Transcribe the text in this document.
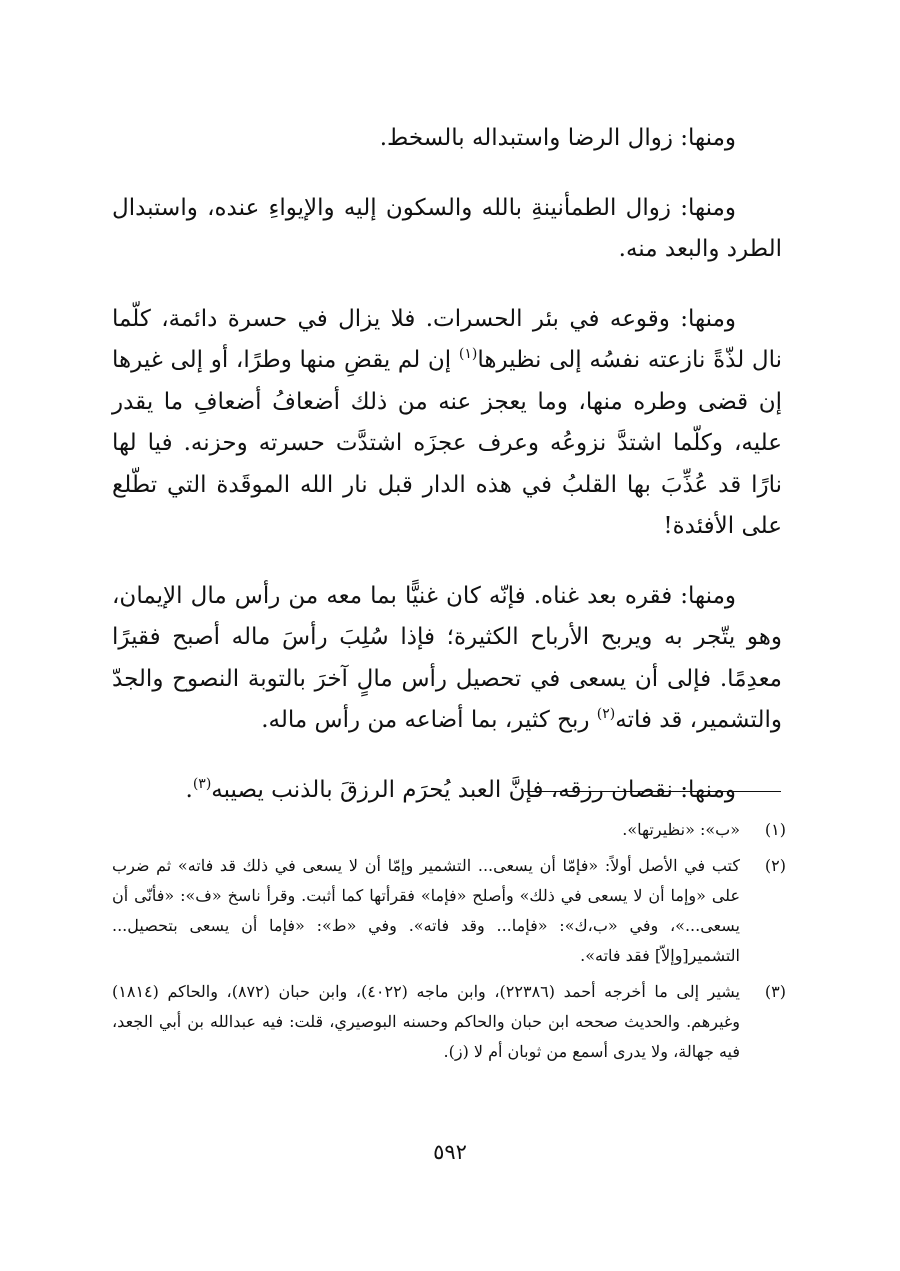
ومنها: زوال الرضا واستبداله بالسخط.

ومنها: زوال الطمأنينةِ بالله والسكون إليه والإيواءِ عنده، واستبدال الطرد والبعد منه.

ومنها: وقوعه في بئر الحسرات. فلا يزال في حسرة دائمة، كلّما نال لذّةً نازعته نفسُه إلى نظيرها$^{(١)}$ إن لم يقضِ منها وطرًا، أو إلى غيرها إن قضى وطره منها، وما يعجز عنه من ذلك أضعافُ أضعافِ ما يقدر عليه، وكلّما اشتدَّ نزوعُه وعرف عجزَه اشتدَّت حسرته وحزنه. فيا لها نارًا قد عُذِّبَ بها القلبُ في هذه الدار قبل نار الله الموقَدة التي تطّلع على الأفئدة!

ومنها: فقره بعد غناه. فإنّه كان غنيًّا بما معه من رأس مال الإيمان، وهو يتّجر به ويربح الأرباح الكثيرة؛ فإذا سُلِبَ رأسَ ماله أصبح فقيرًا معدِمًا. فإلى أن يسعى في تحصيل رأس مالٍ آخرَ بالتوبة النصوح والجدّ والتشمير، قد فاته$^{(٢)}$ ربح كثير، بما أضاعه من رأس ماله.

ومنها: نقصان رزقه، فإنَّ العبد يُحرَم الرزقَ بالذنب يصيبه$^{(٣)}$.

(١)
«ب»: «نظيرتها».
(٢)
كتب في الأصل أولاً: «فإمّا أن يسعى... التشمير وإمّا أن لا يسعى في ذلك قد فاته» ثم ضرب على «وإما أن لا يسعى في ذلك» وأصلح «فإما» فقرأتها كما أثبت. وقرأ ناسخ «ف»: «فأنّى أن يسعى...»، وفي «ب،ك»: «فإما... وقد فاته». وفي «ط»: «فإما أن يسعى بتحصيل... التشمير[وإلاّ] فقد فاته».
(٣)
يشير إلى ما أخرجه أحمد (٢٢٣٨٦)، وابن ماجه (٤٠٢٢)، وابن حبان (٨٧٢)، والحاكم (١٨١٤) وغيرهم. والحديث صححه ابن حبان والحاكم وحسنه البوصيري، قلت: فيه عبدالله بن أبي الجعد، فيه جهالة، ولا يدرى أسمع من ثوبان أم لا (ز).
٥٩٢
